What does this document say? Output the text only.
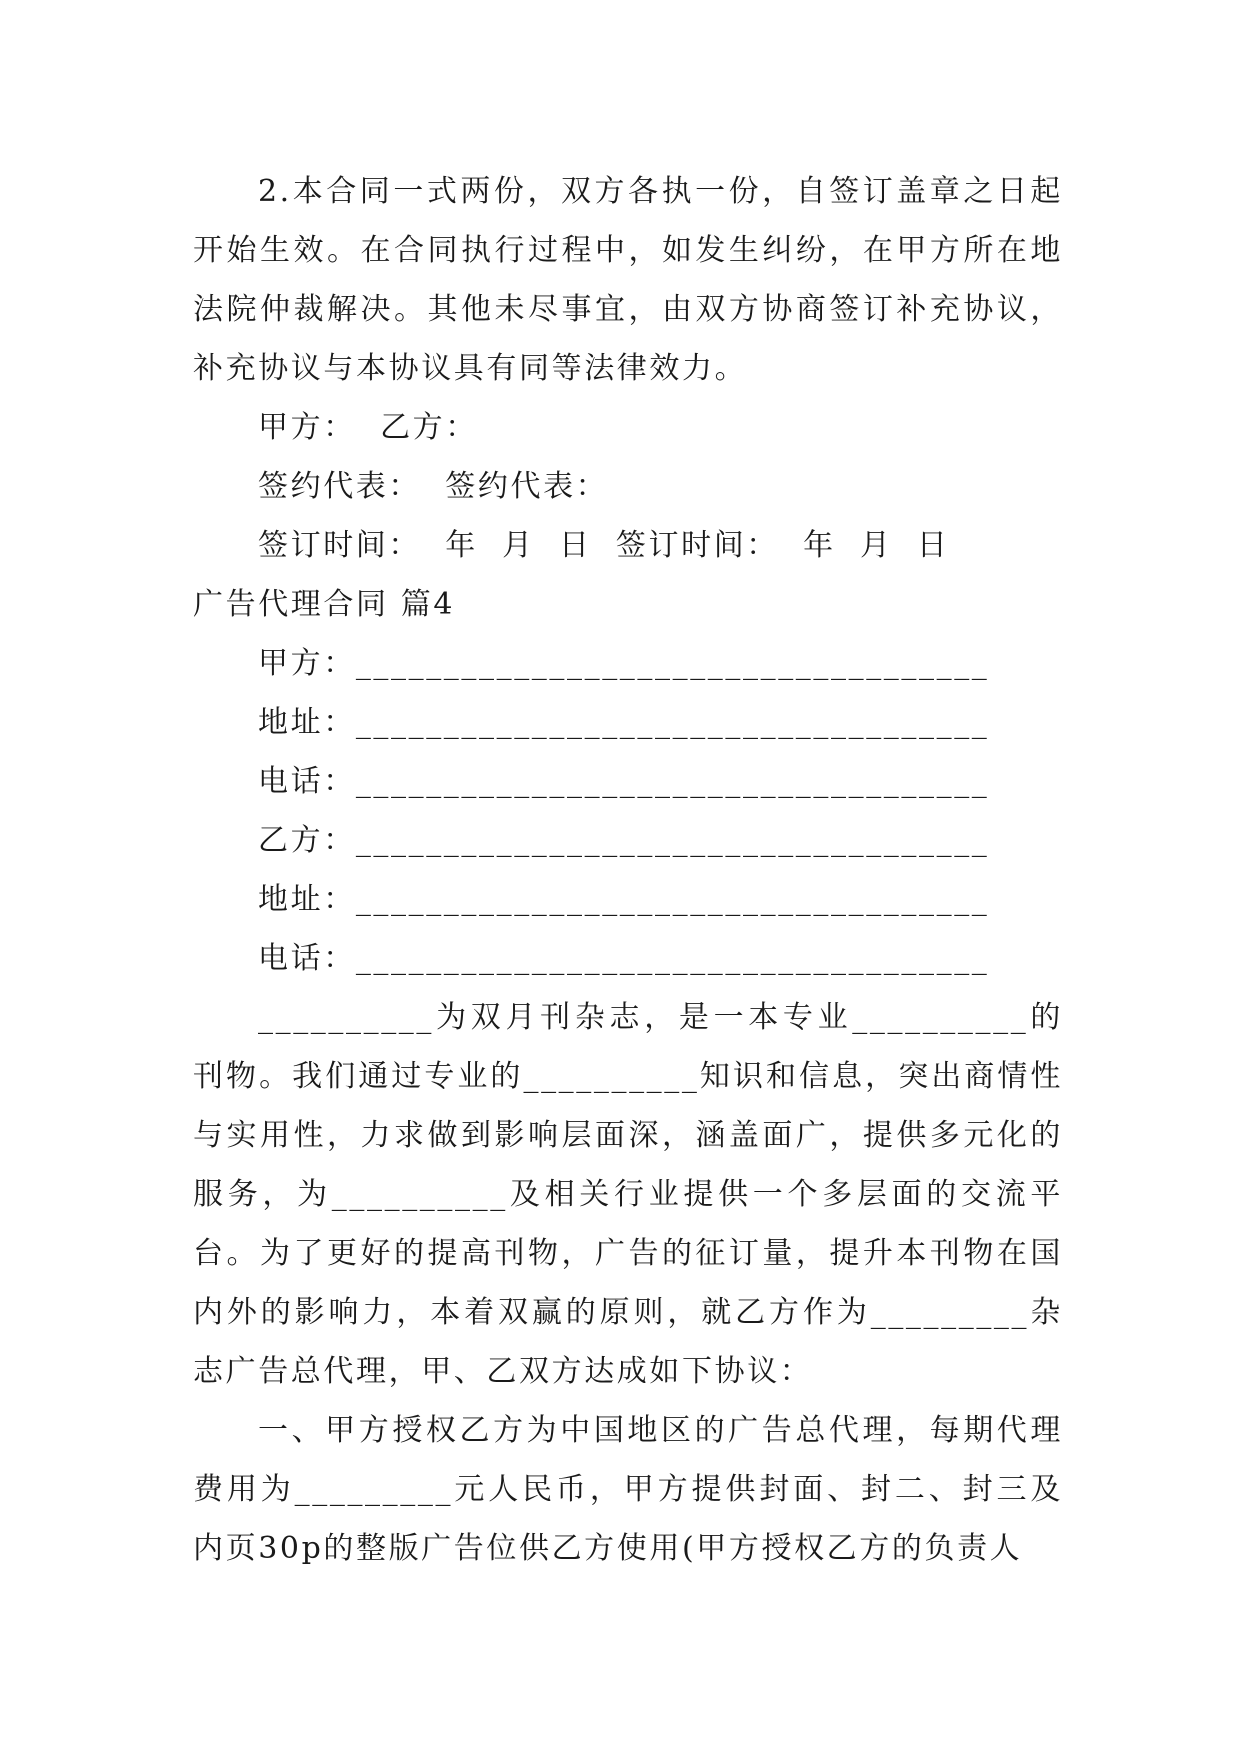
2.本合同一式两份，双方各执一份，自签订盖章之日起开始生效。在合同执行过程中，如发生纠纷，在甲方所在地法院仲裁解决。其他未尽事宜，由双方协商签订补充协议，补充协议与本协议具有同等法律效力。

甲方：  乙方：

签约代表：  签约代表：

签订时间：  年  月  日  签订时间：  年  月  日

广告代理合同 篇4

甲方：____________________________________

地址：____________________________________

电话：____________________________________

乙方：____________________________________

地址：____________________________________

电话：____________________________________

__________为双月刊杂志，是一本专业__________的刊物。我们通过专业的__________知识和信息，突出商情性与实用性，力求做到影响层面深，涵盖面广，提供多元化的服务，为__________及相关行业提供一个多层面的交流平台。为了更好的提高刊物，广告的征订量，提升本刊物在国内外的影响力，本着双赢的原则，就乙方作为_________杂志广告总代理，甲、乙双方达成如下协议：

一、甲方授权乙方为中国地区的广告总代理，每期代理费用为_________元人民币，甲方提供封面、封二、封三及内页30p的整版广告位供乙方使用(甲方授权乙方的负责人
